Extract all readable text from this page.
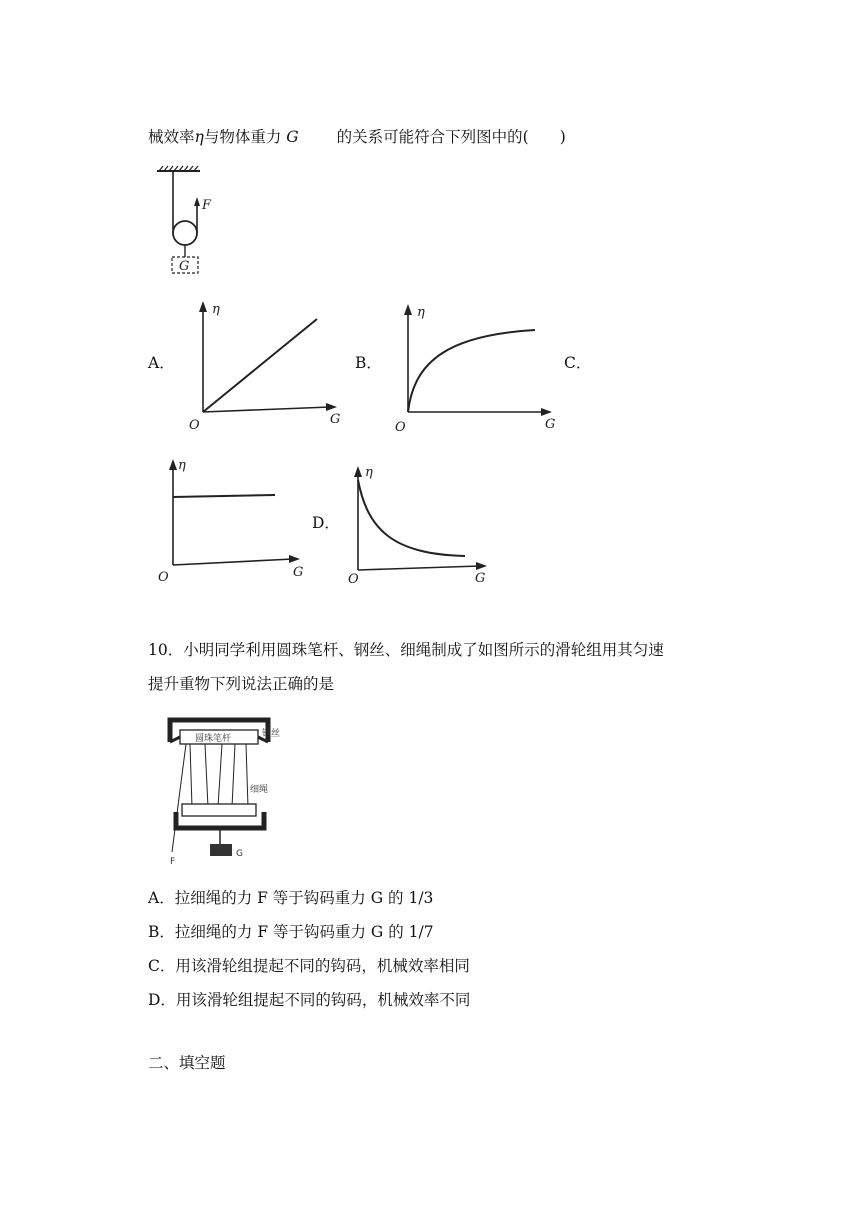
械效率η与物体重力 G 的关系可能符合下列图中的(　　)
F
G
A．	B．	C．
D．
η
G
O
η
G
O
η
G
O
η
G
O
10．小明同学利用圆珠笔杆、钢丝、细绳制成了如图所示的滑轮组用其匀速
提升重物下列说法正确的是
圆珠笔杆	钢丝
细绳
G
F
A．拉细绳的力 F 等于钩码重力 G 的 1/3
B．拉细绳的力 F 等于钩码重力 G 的 1/7
C．用该滑轮组提起不同的钩码，机械效率相同
D．用该滑轮组提起不同的钩码，机械效率不同
二、填空题
